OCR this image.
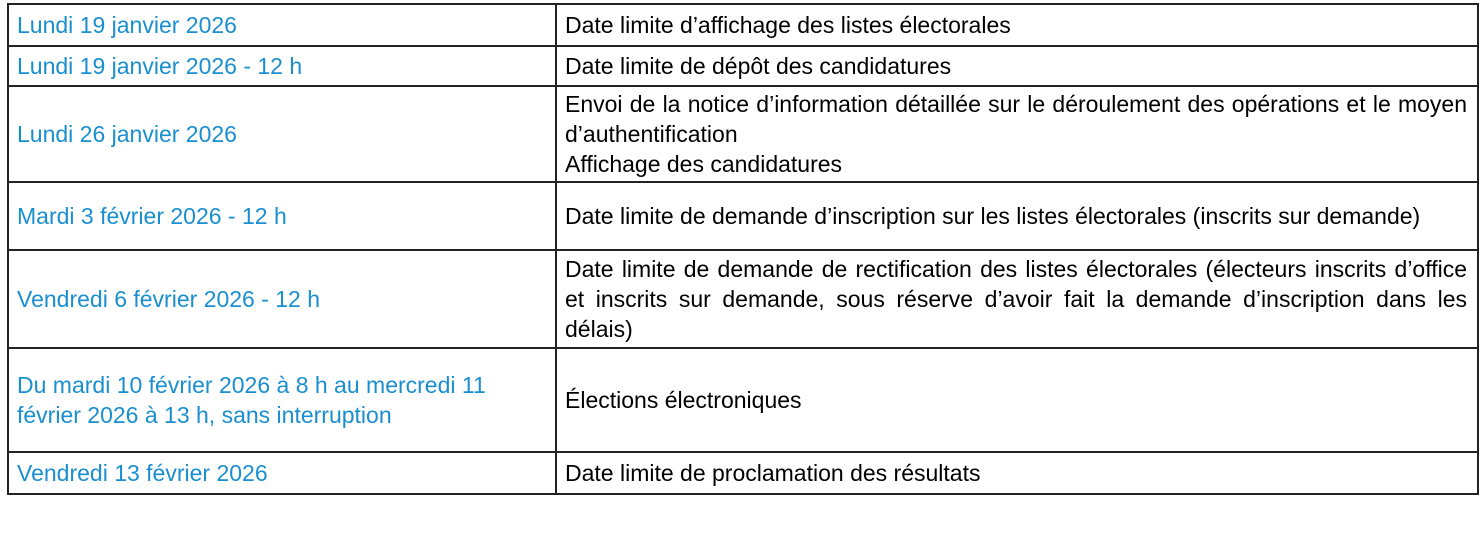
Lundi 19 janvier 2026	Date limite d’affichage des listes électorales

Lundi 19 janvier 2026 - 12 h	Date limite de dépôt des candidatures

Lundi 26 janvier 2026	Envoi de la notice d’information détaillée sur le déroulement des opérations et le moyen d’authentification
Affichage des candidatures

Mardi 3 février 2026 - 12 h	Date limite de demande d’inscription sur les listes électorales (inscrits sur demande)

Vendredi 6 février 2026 - 12 h	Date limite de demande de rectification des listes électorales (électeurs inscrits d’office et inscrits sur demande, sous réserve d’avoir fait la demande d’inscription dans les délais)

Du mardi 10 février 2026 à 8 h au mercredi 11 février 2026 à 13 h, sans interruption	Élections électroniques

Vendredi 13 février 2026	Date limite de proclamation des résultats
